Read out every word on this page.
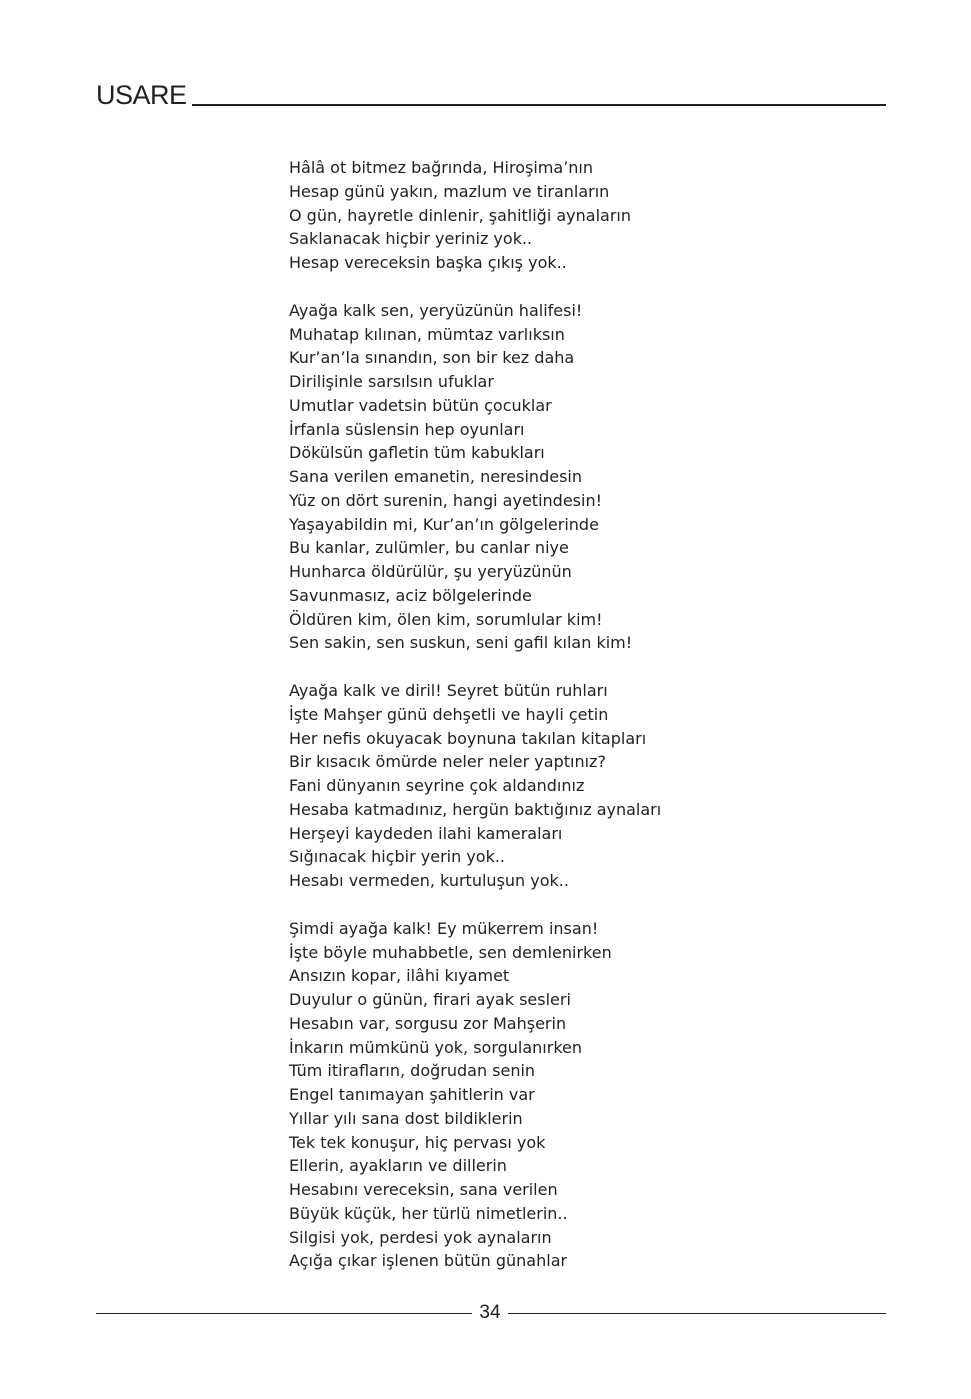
USARE
Hâlâ ot bitmez bağrında, Hiroşima’nın
Hesap günü yakın, mazlum ve tiranların
O gün, hayretle dinlenir, şahitliği aynaların
Saklanacak hiçbir yeriniz yok..
Hesap vereceksin başka çıkış yok..
Ayağa kalk sen, yeryüzünün halifesi!
Muhatap kılınan, mümtaz varlıksın
Kur’an’la sınandın, son bir kez daha
Dirilişinle sarsılsın ufuklar
Umutlar vadetsin bütün çocuklar
İrfanla süslensin hep oyunları
Dökülsün gafletin tüm kabukları
Sana verilen emanetin, neresindesin
Yüz on dört surenin, hangi ayetindesin!
Yaşayabildin mi, Kur’an’ın gölgelerinde
Bu kanlar, zulümler, bu canlar niye
Hunharca öldürülür, şu yeryüzünün
Savunmasız, aciz bölgelerinde
Öldüren kim, ölen kim, sorumlular kim!
Sen sakin, sen suskun, seni gafil kılan kim!
Ayağa kalk ve diril! Seyret bütün ruhları
İşte Mahşer günü dehşetli ve hayli çetin
Her nefis okuyacak boynuna takılan kitapları
Bir kısacık ömürde neler neler yaptınız?
Fani dünyanın seyrine çok aldandınız
Hesaba katmadınız, hergün baktığınız aynaları
Herşeyi kaydeden ilahi kameraları
Sığınacak hiçbir yerin yok..
Hesabı vermeden, kurtuluşun yok..
Şimdi ayağa kalk! Ey mükerrem insan!
İşte böyle muhabbetle, sen demlenirken
Ansızın kopar, ilâhi kıyamet
Duyulur o günün, firari ayak sesleri
Hesabın var, sorgusu zor Mahşerin
İnkarın mümkünü yok, sorgulanırken
Tüm itirafların, doğrudan senin
Engel tanımayan şahitlerin var
Yıllar yılı sana dost bildiklerin
Tek tek konuşur, hiç pervası yok
Ellerin, ayakların ve dillerin
Hesabını vereceksin, sana verilen
Büyük küçük, her türlü nimetlerin..
Silgisi yok, perdesi yok aynaların
Açığa çıkar işlenen bütün günahlar
34
